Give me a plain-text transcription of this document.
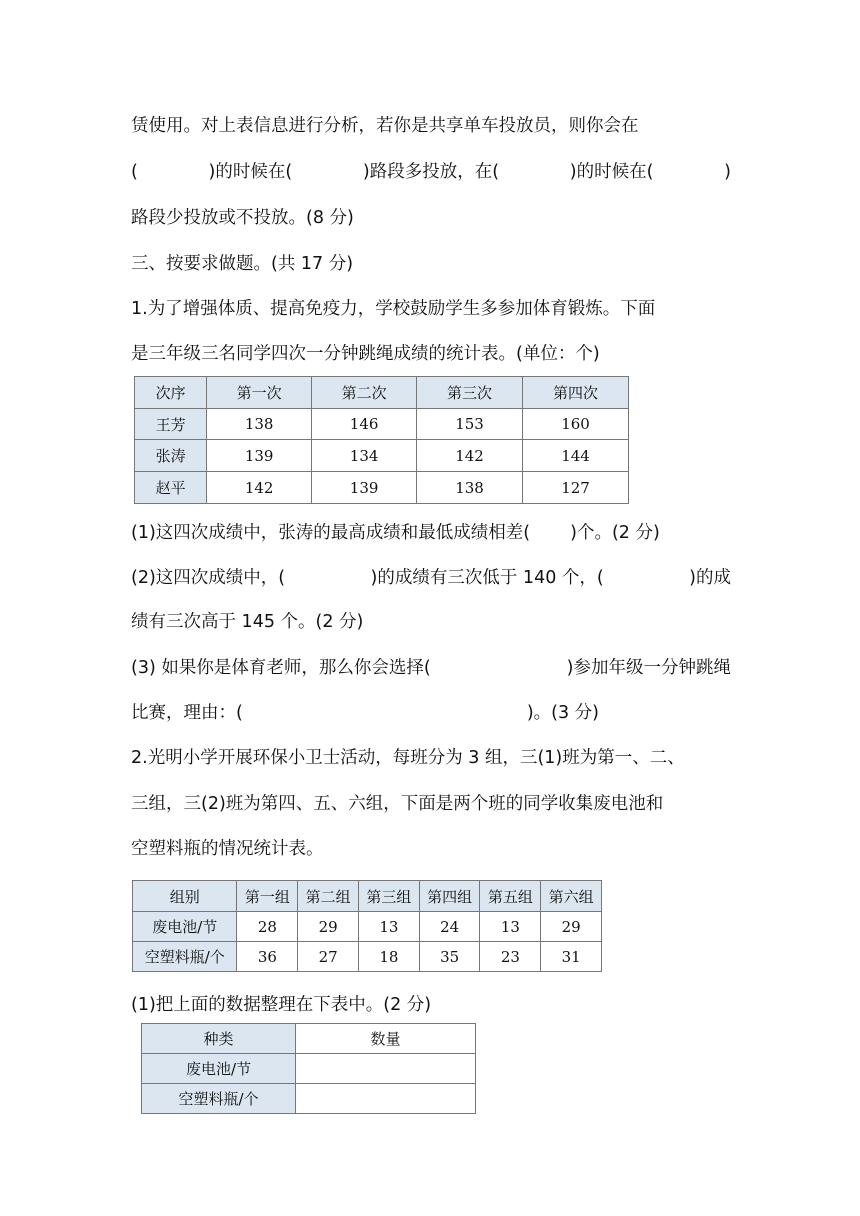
赁使用。对上表信息进行分析，若你是共享单车投放员，则你会在
(	)的时候在(	)路段多投放，在(	)的时候在(	)
路段少投放或不投放。(8 分)
三、按要求做题。(共 17 分)
1.为了增强体质、提高免疫力，学校鼓励学生多参加体育锻炼。下面
是三年级三名同学四次一分钟跳绳成绩的统计表。(单位：个)
次序	第一次	第二次	第三次	第四次
王芳	138	146	153	160
张涛	139	134	142	144
赵平	142	139	138	127
(1)这四次成绩中，张涛的最高成绩和最低成绩相差( )个。(2 分)
(2)这四次成绩中，(	)的成绩有三次低于 140 个，(	)的成
绩有三次高于 145 个。(2 分)
(3) 如果你是体育老师，那么你会选择(	)参加年级一分钟跳绳
比赛，理由：(	)。(3 分)
2.光明小学开展环保小卫士活动，每班分为 3 组，三(1)班为第一、二、
三组，三(2)班为第四、五、六组，下面是两个班的同学收集废电池和
空塑料瓶的情况统计表。
组别	第一组	第二组	第三组	第四组	第五组	第六组
废电池/节	28	29	13	24	13	29
空塑料瓶/个	36	27	18	35	23	31
(1)把上面的数据整理在下表中。(2 分)
种类	数量
废电池/节	
空塑料瓶/个	
